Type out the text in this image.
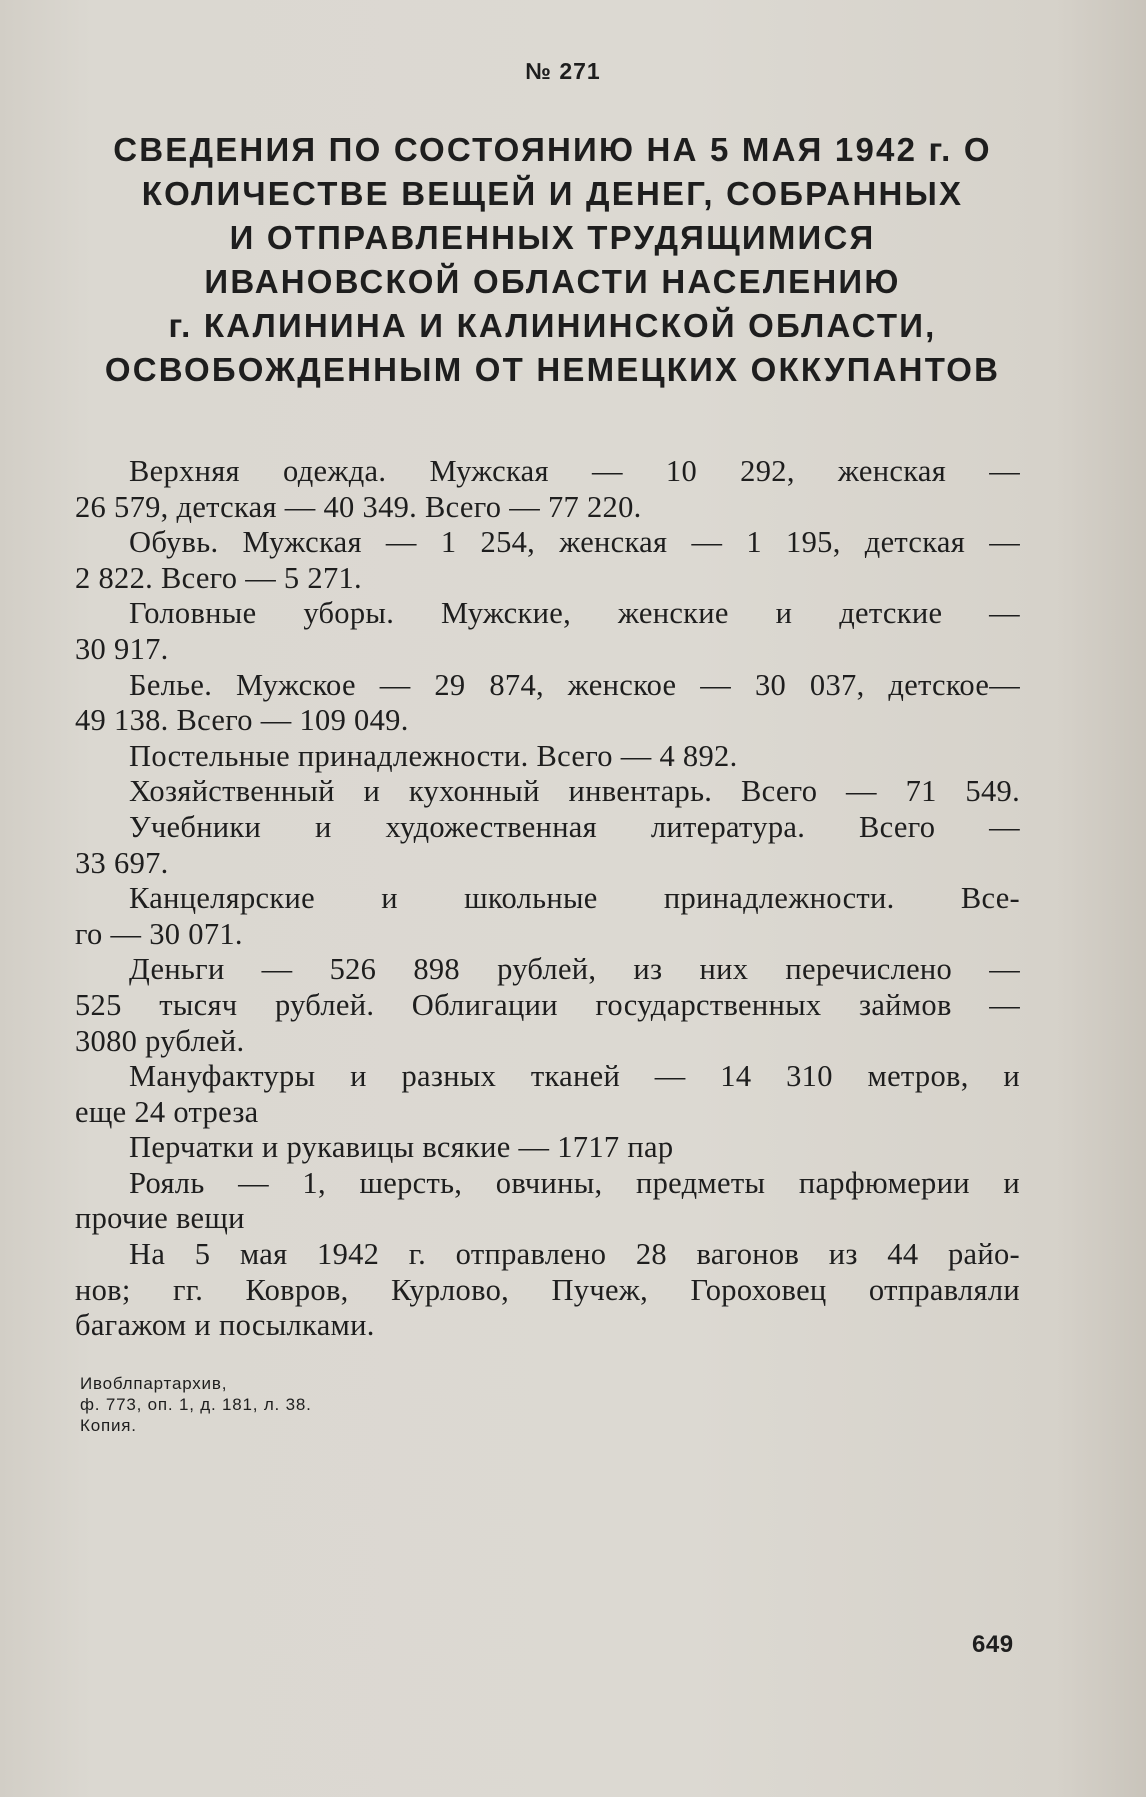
№ 271
СВЕДЕНИЯ ПО СОСТОЯНИЮ НА 5 МАЯ 1942 г. О
КОЛИЧЕСТВЕ ВЕЩЕЙ И ДЕНЕГ, СОБРАННЫХ
И ОТПРАВЛЕННЫХ ТРУДЯЩИМИСЯ
ИВАНОВСКОЙ ОБЛАСТИ НАСЕЛЕНИЮ
г. КАЛИНИНА И КАЛИНИНСКОЙ ОБЛАСТИ,
ОСВОБОЖДЕННЫМ ОТ НЕМЕЦКИХ ОККУПАНТОВ

Верхняя одежда. Мужская — 10 292, женская —
26 579, детская — 40 349. Всего — 77 220.

Обувь. Мужская — 1 254, женская — 1 195, детская —
2 822. Всего — 5 271.

Головные уборы. Мужские, женские и детские —
30 917.

Белье. Мужское — 29 874, женское — 30 037, детское—
49 138. Всего — 109 049.

Постельные принадлежности. Всего — 4 892.

Хозяйственный и кухонный инвентарь. Всего — 71 549.

Учебники и художественная литература. Всего —
33 697.

Канцелярские и школьные принадлежности. Все-
го — 30 071.

Деньги — 526 898 рублей, из них перечислено —
525 тысяч рублей. Облигации государственных займов —
3080 рублей.

Мануфактуры и разных тканей — 14 310 метров, и
еще 24 отреза

Перчатки и рукавицы всякие — 1717 пар

Рояль — 1, шерсть, овчины, предметы парфюмерии и
прочие вещи

На 5 мая 1942 г. отправлено 28 вагонов из 44 райо-
нов; гг. Ковров, Курлово, Пучеж, Гороховец отправляли
багажом и посылками.

Ивоблпартархив,
ф. 773, оп. 1, д. 181, л. 38.
Копия.
649
